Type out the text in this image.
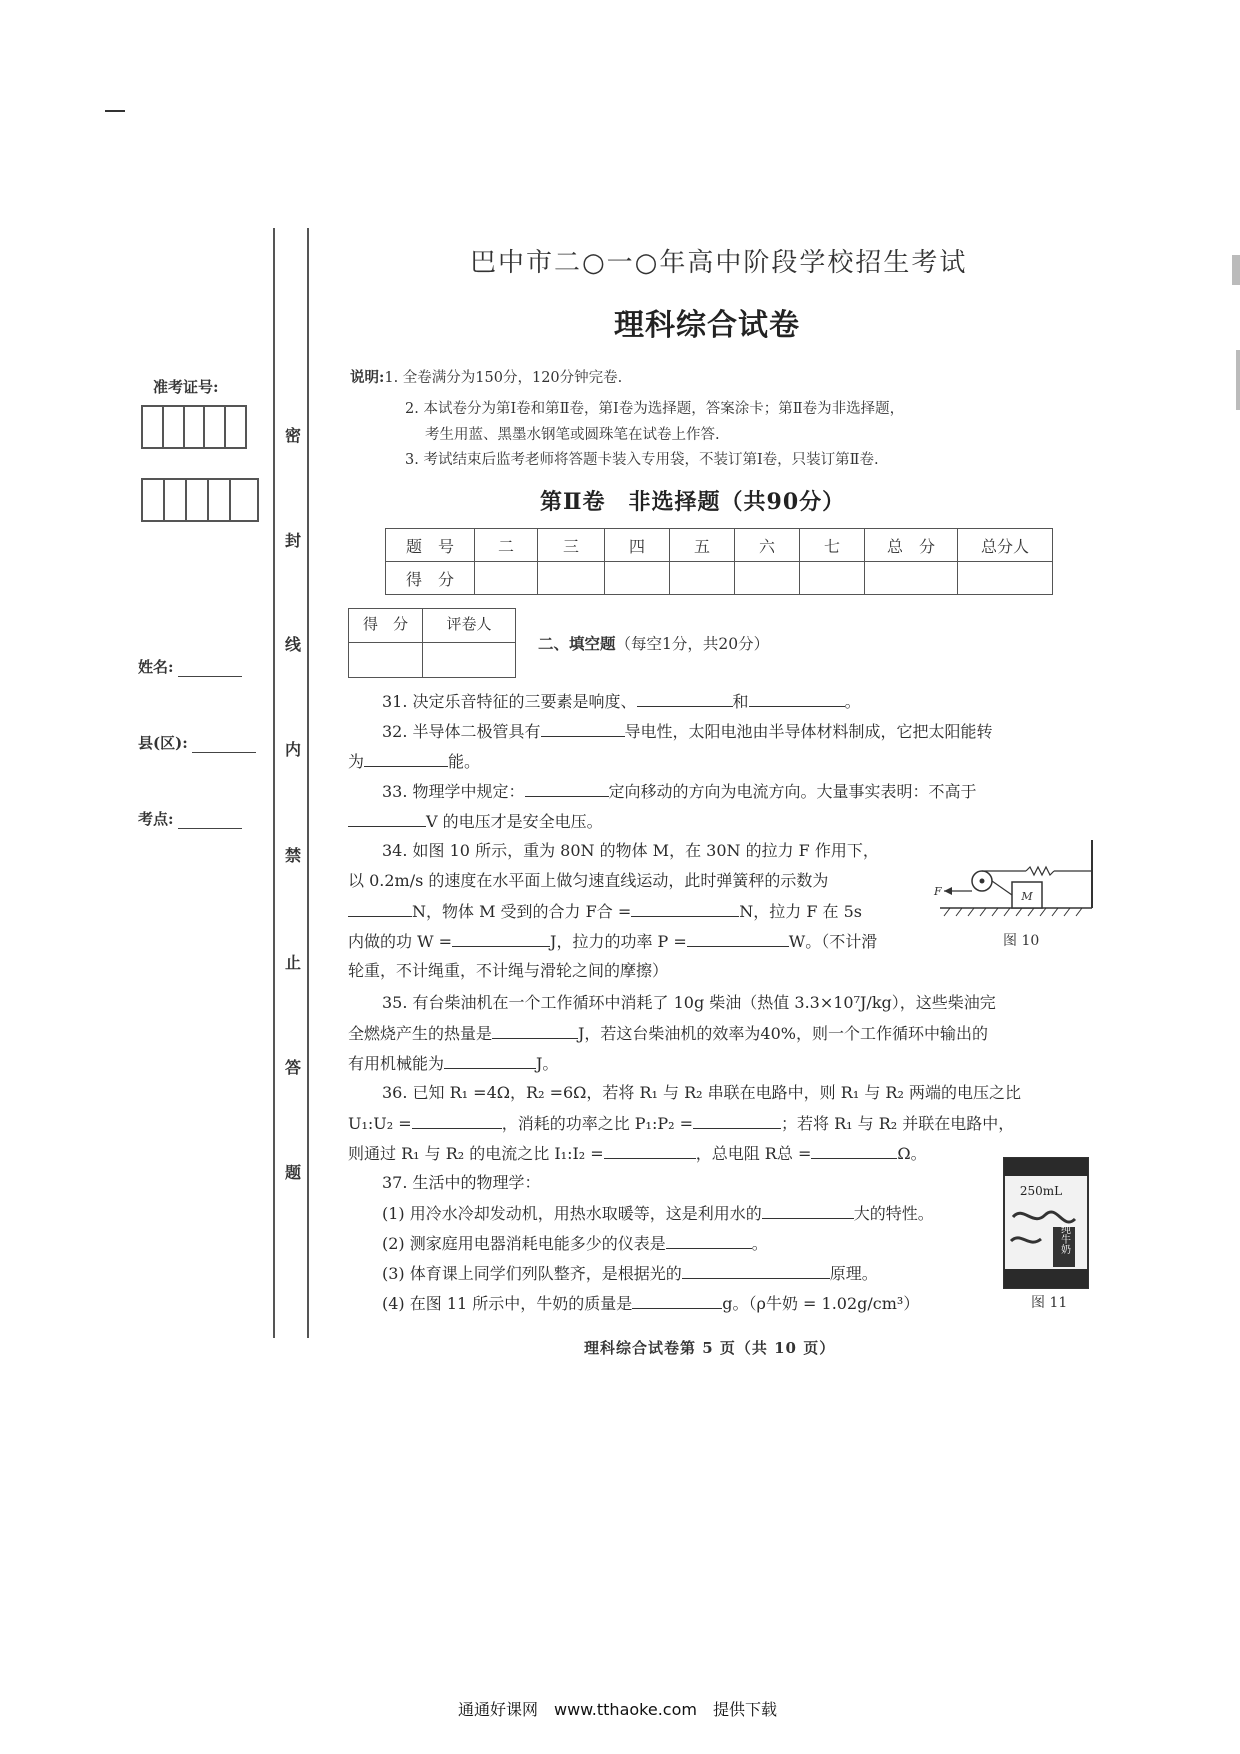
准考证号:
姓名:
县(区):
考点:
密
封
线
内
禁
止
答
题
巴中市二○一○年高中阶段学校招生考试
理科综合试卷
说明:1. 全卷满分为150分，120分钟完卷.
2. 本试卷分为第Ⅰ卷和第Ⅱ卷，第Ⅰ卷为选择题，答案涂卡；第Ⅱ卷为非选择题，
考生用蓝、黑墨水钢笔或圆珠笔在试卷上作答.
3. 考试结束后监考老师将答题卡装入专用袋，不装订第Ⅰ卷，只装订第Ⅱ卷.
第Ⅱ卷　非选择题（共90分）
题　号	二	三	四	五	六	七	总　分	总分人
得　分								
得　分	评卷人
二、填空题（每空1分，共20分）
31. 决定乐音特征的三要素是响度、	和	。
32. 半导体二极管具有	导电性，太阳电池由半导体材料制成，它把太阳能转
为	能。
33. 物理学中规定：	定向移动的方向为电流方向。大量事实表明：不高于
V 的电压才是安全电压。
34. 如图 10 所示，重为 80N 的物体 M，在 30N 的拉力 F 作用下，
以 0.2m/s 的速度在水平面上做匀速直线运动，此时弹簧秤的示数为
N，物体 M 受到的合力 F合 =	N，拉力 F 在 5s
内做的功 W =	J，拉力的功率 P =	W。（不计滑
轮重，不计绳重，不计绳与滑轮之间的摩擦）
M
F
图 10
35. 有台柴油机在一个工作循环中消耗了 10g 柴油（热值 3.3×10⁷J/kg），这些柴油完
全燃烧产生的热量是	J，若这台柴油机的效率为40%，则一个工作循环中输出的
有用机械能为	J。
36. 已知 R₁ =4Ω，R₂ =6Ω，若将 R₁ 与 R₂ 串联在电路中，则 R₁ 与 R₂ 两端的电压之比
U₁:U₂ =	，消耗的功率之比 P₁:P₂ =	；若将 R₁ 与 R₂ 并联在电路中，
则通过 R₁ 与 R₂ 的电流之比 I₁:I₂ =	，总电阻 R总 =	Ω。
37. 生活中的物理学：
(1) 用冷水冷却发动机，用热水取暖等，这是利用水的	大的特性。
(2) 测家庭用电器消耗电能多少的仪表是	。
(3) 体育课上同学们列队整齐，是根据光的	原理。
(4) 在图 11 所示中，牛奶的质量是	g。（ρ牛奶 = 1.02g/cm³）
250mL
纯牛奶
图 11
理科综合试卷第 5 页（共 10 页）
通通好课网　www.tthaoke.com　提供下载
